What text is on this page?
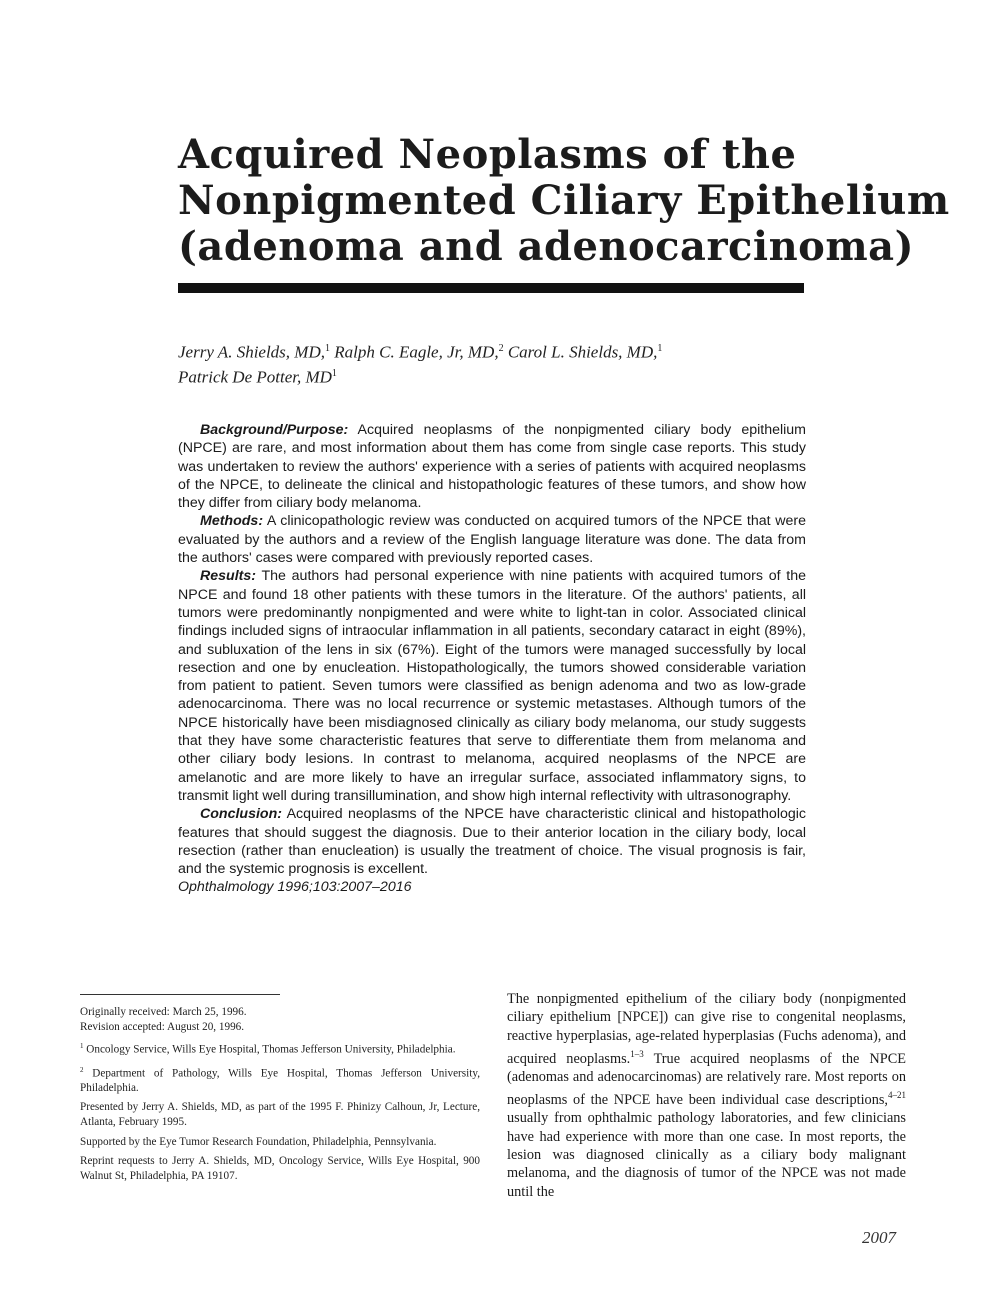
Acquired Neoplasms of the
Nonpigmented Ciliary Epithelium
(adenoma and adenocarcinoma)
Jerry A. Shields, MD,$^1$ Ralph C. Eagle, Jr, MD,$^2$ Carol L. Shields, MD,$^1$
Patrick De Potter, $MD^1$

Background/Purpose: Acquired neoplasms of the nonpigmented ciliary body epithelium (NPCE) are rare, and most information about them has come from single case reports. This study was undertaken to review the authors' experience with a series of patients with acquired neoplasms of the NPCE, to delineate the clinical and histopathologic features of these tumors, and show how they differ from ciliary body melanoma.

Methods: A clinicopathologic review was conducted on acquired tumors of the NPCE that were evaluated by the authors and a review of the English language literature was done. The data from the authors' cases were compared with previously reported cases.

Results: The authors had personal experience with nine patients with acquired tumors of the NPCE and found 18 other patients with these tumors in the literature. Of the authors' patients, all tumors were predominantly nonpigmented and were white to light-tan in color. Associated clinical findings included signs of intraocular inflammation in all patients, secondary cataract in eight (89%), and subluxation of the lens in six (67%). Eight of the tumors were managed successfully by local resection and one by enucleation. Histopathologically, the tumors showed considerable variation from patient to patient. Seven tumors were classified as benign adenoma and two as low-grade adenocarcinoma. There was no local recurrence or systemic metastases. Although tumors of the NPCE historically have been misdiagnosed clinically as ciliary body melanoma, our study suggests that they have some characteristic features that serve to differentiate them from melanoma and other ciliary body lesions. In contrast to melanoma, acquired neoplasms of the NPCE are amelanotic and are more likely to have an irregular surface, associated inflammatory signs, to transmit light well during transillumination, and show high internal reflectivity with ultrasonography.

Conclusion: Acquired neoplasms of the NPCE have characteristic clinical and histopathologic features that should suggest the diagnosis. Due to their anterior location in the ciliary body, local resection (rather than enucleation) is usually the treatment of choice. The visual prognosis is fair, and the systemic prognosis is excellent.

Ophthalmology 1996;103:2007–2016

Originally received: March 25, 1996.

Revision accepted: August 20, 1996.

$^1$ Oncology Service, Wills Eye Hospital, Thomas Jefferson University, Philadelphia.

$^2$ Department of Pathology, Wills Eye Hospital, Thomas Jefferson University, Philadelphia.

Presented by Jerry A. Shields, MD, as part of the 1995 F. Phinizy Calhoun, Jr, Lecture, Atlanta, February 1995.

Supported by the Eye Tumor Research Foundation, Philadelphia, Pennsylvania.

Reprint requests to Jerry A. Shields, MD, Oncology Service, Wills Eye Hospital, 900 Walnut St, Philadelphia, PA 19107.

The nonpigmented epithelium of the ciliary body (nonpigmented ciliary epithelium [NPCE]) can give rise to congenital neoplasms, reactive hyperplasias, age-related hyperplasias (Fuchs adenoma), and acquired neoplasms.$^{1-3}$ True acquired neoplasms of the NPCE (adenomas and adenocarcinomas) are relatively rare. Most reports on neoplasms of the NPCE have been individual case descriptions,$^{4-21}$ usually from ophthalmic pathology laboratories, and few clinicians have had experience with more than one case. In most reports, the lesion was diagnosed clinically as a ciliary body malignant melanoma, and the diagnosis of tumor of the NPCE was not made until the

2007
